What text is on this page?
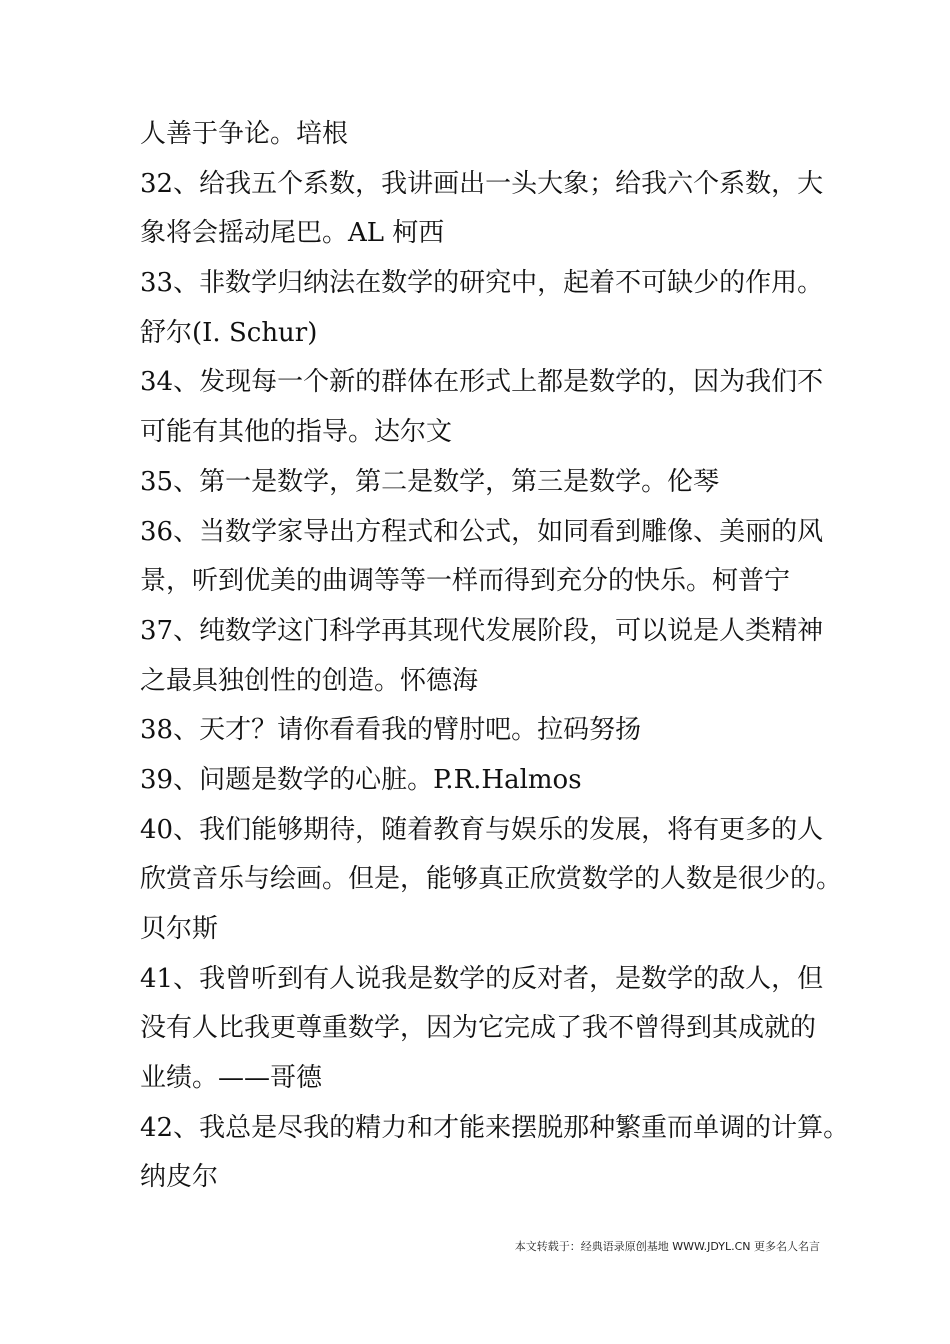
人善于争论。培根
32、给我五个系数，我讲画出一头大象；给我六个系数，大
象将会摇动尾巴。AL 柯西
33、非数学归纳法在数学的研究中，起着不可缺少的作用。
舒尔(I. Schur)
34、发现每一个新的群体在形式上都是数学的，因为我们不
可能有其他的指导。达尔文
35、第一是数学，第二是数学，第三是数学。伦琴
36、当数学家导出方程式和公式，如同看到雕像、美丽的风
景，听到优美的曲调等等一样而得到充分的快乐。柯普宁
37、纯数学这门科学再其现代发展阶段，可以说是人类精神
之最具独创性的创造。怀德海
38、天才？请你看看我的臂肘吧。拉码努扬
39、问题是数学的心脏。P.R.Halmos
40、我们能够期待，随着教育与娱乐的发展，将有更多的人
欣赏音乐与绘画。但是，能够真正欣赏数学的人数是很少的。
贝尔斯
41、我曾听到有人说我是数学的反对者，是数学的敌人，但
没有人比我更尊重数学，因为它完成了我不曾得到其成就的
业绩。——哥德
42、我总是尽我的精力和才能来摆脱那种繁重而单调的计算。
纳皮尔
本文转载于：经典语录原创基地 WWW.JDYL.CN 更多名人名言
